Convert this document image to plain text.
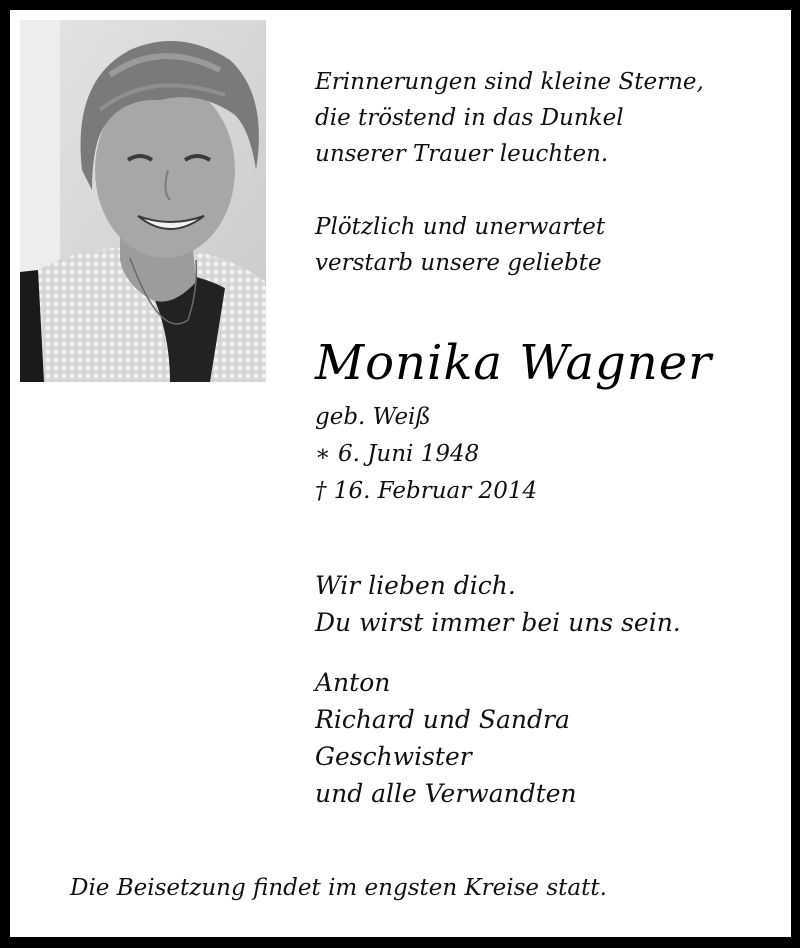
Erinnerungen sind kleine Sterne,
die tröstend in das Dunkel
unserer Trauer leuchten.
Plötzlich und unerwartet
verstarb unsere geliebte
Monika Wagner
geb. Weiß
∗ 6. Juni 1948
† 16. Februar 2014
Wir lieben dich.
Du wirst immer bei uns sein.
Anton
Richard und Sandra
Geschwister
und alle Verwandten
Die Beisetzung findet im engsten Kreise statt.
